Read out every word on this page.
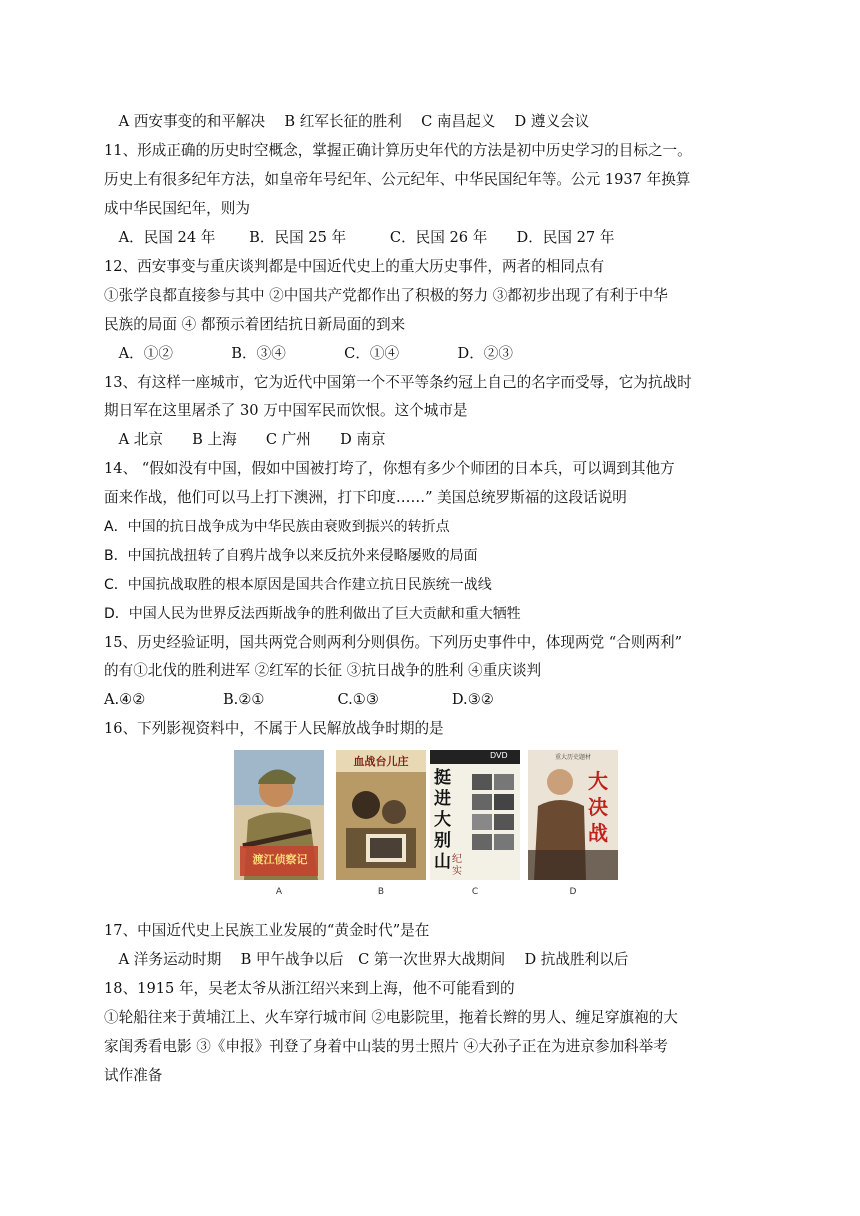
　A 西安事变的和平解决　 B 红军长征的胜利　 C 南昌起义　 D 遵义会议
11、形成正确的历史时空概念，掌握正确计算历史年代的方法是初中历史学习的目标之一。
历史上有很多纪年方法，如皇帝年号纪年、公元纪年、中华民国纪年等。公元 1937 年换算
成中华民国纪年，则为
　A．民国 24 年　　 B．民国 25 年　　　C．民国 26 年　　D．民国 27 年
12、西安事变与重庆谈判都是中国近代史上的重大历史事件，两者的相同点有
①张学良都直接参与其中 ②中国共产党都作出了积极的努力 ③都初步出现了有利于中华
民族的局面 ④ 都预示着团结抗日新局面的到来
　A．①②　　　　B．③④　　　　C．①④　　　　D．②③
13、有这样一座城市，它为近代中国第一个不平等条约冠上自己的名字而受辱，它为抗战时
期日军在这里屠杀了 30 万中国军民而饮恨。这个城市是
　A 北京　　B 上海　　C 广州　　D 南京
14、 “假如没有中国，假如中国被打垮了，你想有多少个师团的日本兵，可以调到其他方
面来作战，他们可以马上打下澳洲，打下印度……” 美国总统罗斯福的这段话说明
A．中国的抗日战争成为中华民族由衰败到振兴的转折点
B．中国抗战扭转了自鸦片战争以来反抗外来侵略屡败的局面
C．中国抗战取胜的根本原因是国共合作建立抗日民族统一战线
D．中国人民为世界反法西斯战争的胜利做出了巨大贡献和重大牺牲
15、历史经验证明，国共两党合则两利分则俱伤。下列历史事件中，体现两党 “合则两利”
的有①北伐的胜利进军 ②红军的长征 ③抗日战争的胜利 ④重庆谈判
A.④②　　　　　 B.②①　　　　　C.①③　　　　　D.③②
16、下列影视资料中，不属于人民解放战争时期的是
渡江侦察记
A
血战台儿庄
B
DVD
挺进大别山 纪实
C
重大历史题材
大决战
D
17、中国近代史上民族工业发展的“黄金时代”是在
　A 洋务运动时期　 B 甲午战争以后　C 第一次世界大战期间　 D 抗战胜利以后
18、1915 年，吴老太爷从浙江绍兴来到上海，他不可能看到的
①轮船往来于黄埔江上、火车穿行城市间 ②电影院里，拖着长辫的男人、缠足穿旗袍的大
家闺秀看电影 ③《申报》刊登了身着中山装的男士照片 ④大孙子正在为进京参加科举考
试作准备
